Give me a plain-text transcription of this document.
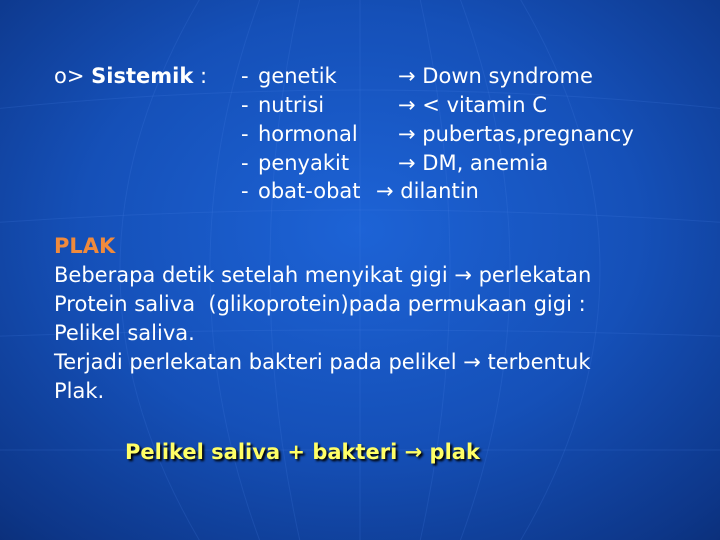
o> Sistemik : - genetik	→ Down syndrome
- nutrisi	→ < vitamin C
- hormonal → pubertas,pregnancy
- penyakit → DM, anemia
- obat-obat → dilantin
PLAK
Beberapa detik setelah menyikat gigi → perlekatan
Protein saliva  (glikoprotein)pada permukaan gigi :
Pelikel saliva.
Terjadi perlekatan bakteri pada pelikel → terbentuk
Plak.
Pelikel saliva + bakteri → plak
